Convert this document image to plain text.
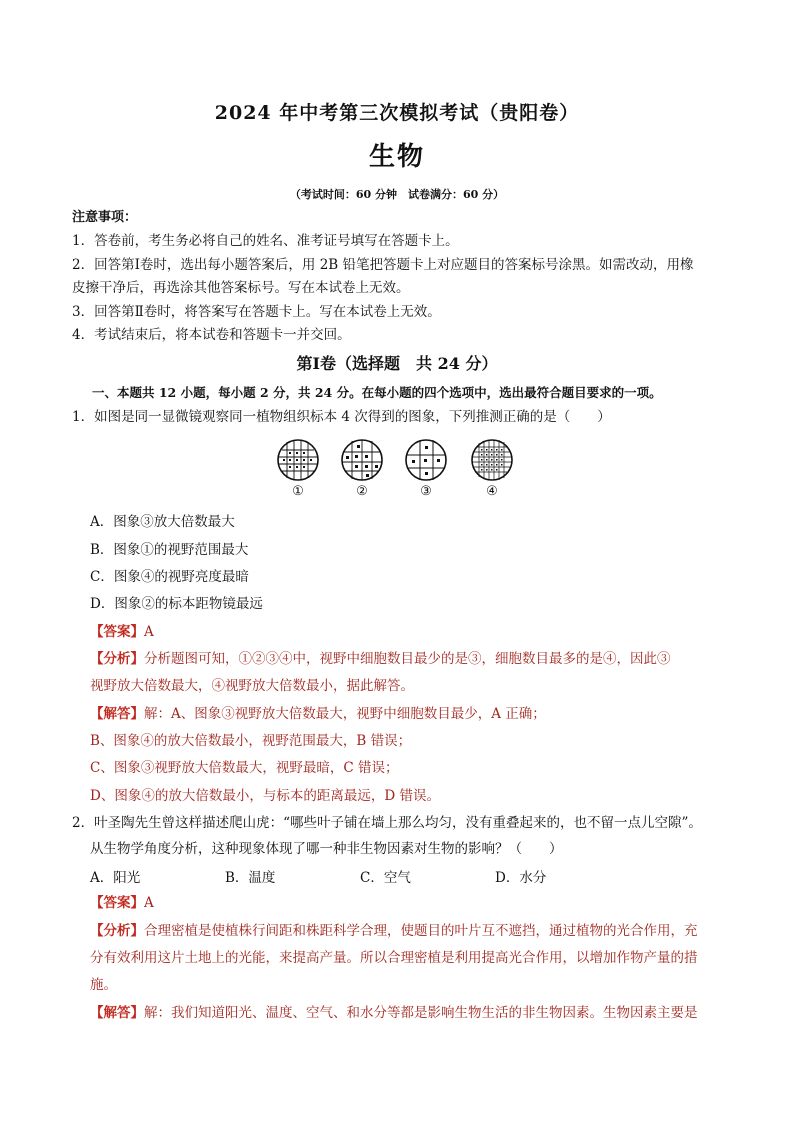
2024 年中考第三次模拟考试（贵阳卷）
生物
（考试时间：60 分钟　试卷满分：60 分）
注意事项：
1．答卷前，考生务必将自己的姓名、准考证号填写在答题卡上。
2．回答第Ⅰ卷时，选出每小题答案后，用 2B 铅笔把答题卡上对应题目的答案标号涂黑。如需改动，用橡
皮擦干净后，再选涂其他答案标号。写在本试卷上无效。
3．回答第Ⅱ卷时，将答案写在答题卡上。写在本试卷上无效。
4．考试结束后，将本试卷和答题卡一并交回。
第Ⅰ卷（选择题　共 24 分）
一、本题共 12 小题，每小题 2 分，共 24 分。在每小题的四个选项中，选出最符合题目要求的一项。
1．如图是同一显微镜观察同一植物组织标本 4 次得到的图象，下列推测正确的是（　　）
①	②	③	④
A．图象③放大倍数最大
B．图象①的视野范围最大
C．图象④的视野亮度最暗
D．图象②的标本距物镜最远
【答案】A
【分析】分析题图可知，①②③④中，视野中细胞数目最少的是③，细胞数目最多的是④，因此③
视野放大倍数最大，④视野放大倍数最小，据此解答。
【解答】解：A、图象③视野放大倍数最大，视野中细胞数目最少，A 正确；
B、图象④的放大倍数最小，视野范围最大，B 错误；
C、图象③视野放大倍数最大，视野最暗，C 错误；
D、图象④的放大倍数最小，与标本的距离最远，D 错误。
2．叶圣陶先生曾这样描述爬山虎：“哪些叶子铺在墙上那么均匀，没有重叠起来的，也不留一点儿空隙”。
从生物学角度分析，这种现象体现了哪一种非生物因素对生物的影响？（　　）
A．阳光	B．温度	C．空气	D．水分
【答案】A
【分析】合理密植是使植株行间距和株距科学合理，使题目的叶片互不遮挡，通过植物的光合作用，充
分有效利用这片土地上的光能，来提高产量。所以合理密植是利用提高光合作用，以增加作物产量的措
施。
【解答】解：我们知道阳光、温度、空气、和水分等都是影响生物生活的非生物因素。生物因素主要是
